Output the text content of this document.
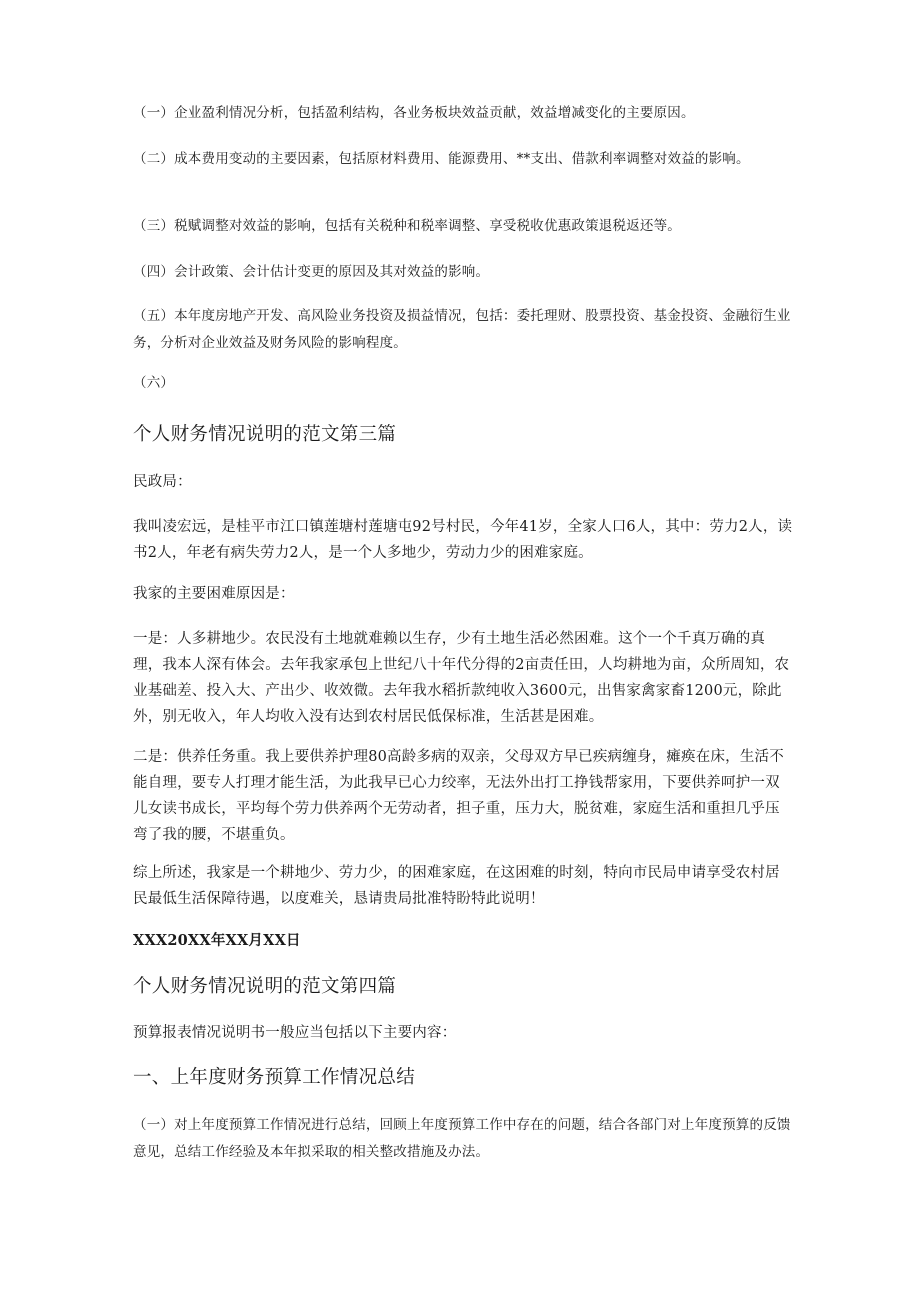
（一）企业盈利情况分析，包括盈利结构，各业务板块效益贡献，效益增减变化的主要原因。

（二）成本费用变动的主要因素，包括原材料费用、能源费用、**支出、借款利率调整对效益的影响。

（三）税赋调整对效益的影响，包括有关税种和税率调整、享受税收优惠政策退税返还等。

（四）会计政策、会计估计变更的原因及其对效益的影响。

（五）本年度房地产开发、高风险业务投资及损益情况，包括：委托理财、股票投资、基金投资、金融衍生业务，分析对企业效益及财务风险的影响程度。

（六）

个人财务情况说明的范文第三篇

民政局：

我叫凌宏远，是桂平市江口镇莲塘村莲塘屯92号村民，今年41岁，全家人口6人，其中：劳力2人，读书2人，年老有病失劳力2人，是一个人多地少，劳动力少的困难家庭。

我家的主要困难原因是：

一是：人多耕地少。农民没有土地就难赖以生存，少有土地生活必然困难。这个一个千真万确的真理，我本人深有体会。去年我家承包上世纪八十年代分得的2亩责任田，人均耕地为亩，众所周知，农业基础差、投入大、产出少、收效微。去年我水稻折款纯收入3600元，出售家禽家畜1200元，除此外，别无收入，年人均收入没有达到农村居民低保标准，生活甚是困难。

二是：供养任务重。我上要供养护理80高龄多病的双亲，父母双方早已疾病缠身，瘫痪在床，生活不能自理，要专人打理才能生活，为此我早已心力绞率，无法外出打工挣钱帮家用，下要供养呵护一双儿女读书成长，平均每个劳力供养两个无劳动者，担子重，压力大，脱贫难，家庭生活和重担几乎压弯了我的腰，不堪重负。

综上所述，我家是一个耕地少、劳力少，的困难家庭，在这困难的时刻，特向市民局申请享受农村居民最低生活保障待遇，以度难关，恳请贵局批准特盼特此说明！

XXX20XX年XX月XX日

个人财务情况说明的范文第四篇

预算报表情况说明书一般应当包括以下主要内容：

一、上年度财务预算工作情况总结

（一）对上年度预算工作情况进行总结，回顾上年度预算工作中存在的问题，结合各部门对上年度预算的反馈意见，总结工作经验及本年拟采取的相关整改措施及办法。
